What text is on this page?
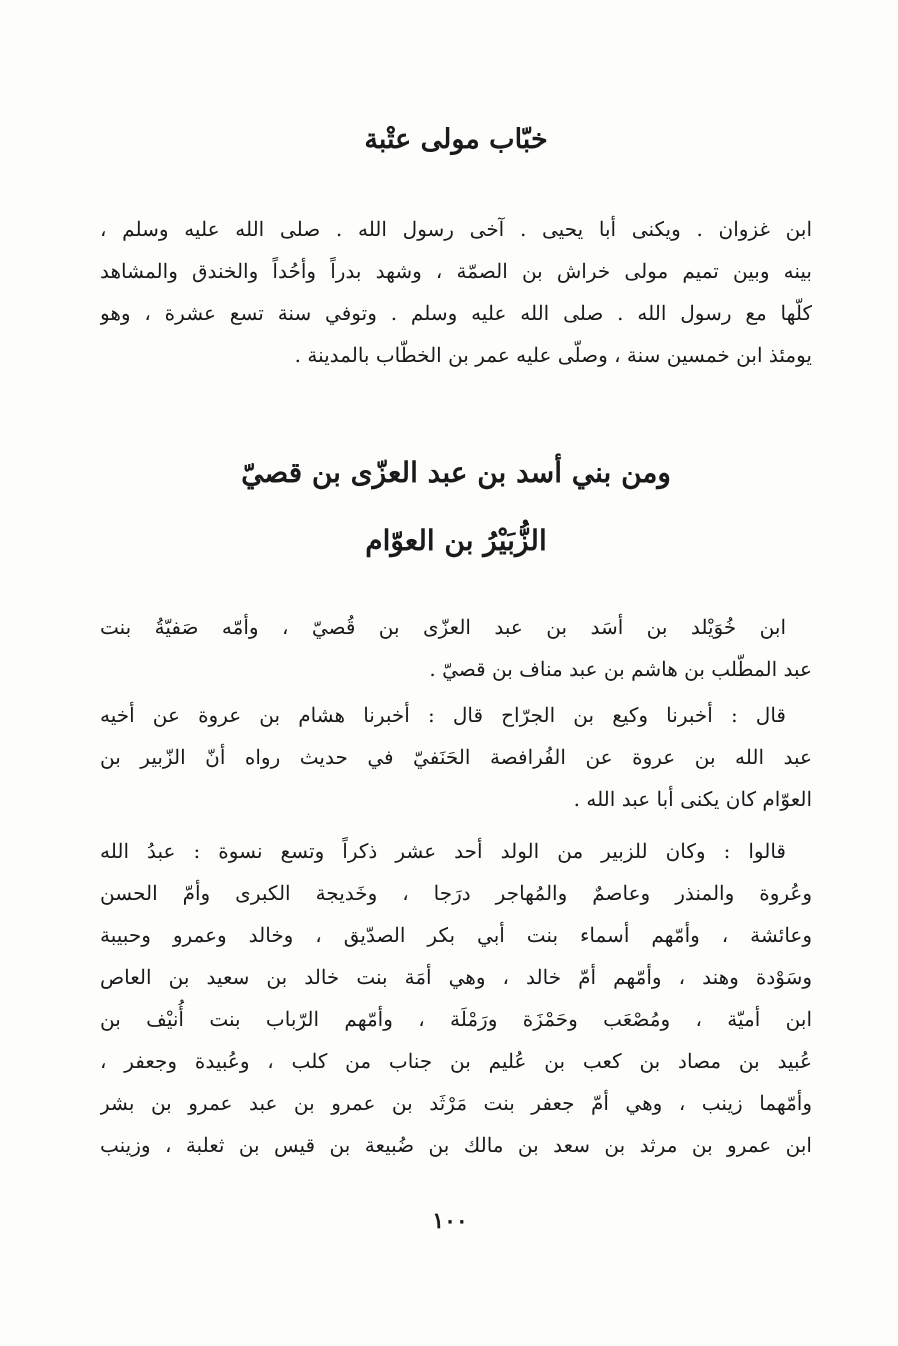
خبّاب مولى عتْبة
ابن غزوان . ويكنى أبا يحيى . آخى رسول الله . صلى الله عليه وسلم ،
بينه وبين تميم مولى خراش بن الصمّة ، وشهد بدراً وأحُداً والخندق والمشاهد
كلّها مع رسول الله . صلى الله عليه وسلم . وتوفي سنة تسع عشرة ، وهو
يومئذ ابن خمسين سنة ، وصلّى عليه عمر بن الخطّاب بالمدينة .
ومن بني أسد بن عبد العزّى بن قصيّ
الزُّبَيْرُ بن العوّام
ابن خُوَيْلد بن أسَد بن عبد العزّى بن قُصيّ ، وأمّه صَفيّةُ بنت
عبد المطّلب بن هاشم بن عبد مناف بن قصيّ .
قال : أخبرنا وكيع بن الجرّاح قال : أخبرنا هشام بن عروة عن أخيه
عبد الله بن عروة عن الفُرافصة الحَنَفيّ في حديث رواه أنّ الزّبير بن
العوّام كان يكنى أبا عبد الله .
قالوا : وكان للزبير من الولد أحد عشر ذكراً وتسع نسوة : عبدُ الله
وعُروة والمنذر وعاصمٌ والمُهاجر درَجا ، وخَديجة الكبرى وأمّ الحسن
وعائشة ، وأمّهم أسماء بنت أبي بكر الصدّيق ، وخالد وعمرو وحبيبة
وسَوْدة وهند ، وأمّهم أمّ خالد ، وهي أمَة بنت خالد بن سعيد بن العاص
ابن أميّة ، ومُصْعَب وحَمْزَة ورَمْلَة ، وأمّهم الرّباب بنت أُنيْف بن
عُبيد بن مصاد بن كعب بن عُليم بن جناب من كلب ، وعُبيدة وجعفر ،
وأمّهما زينب ، وهي أمّ جعفر بنت مَرْثَد بن عمرو بن عبد عمرو بن بشر
ابن عمرو بن مرثد بن سعد بن مالك بن ضُبيعة بن قيس بن ثعلبة ، وزينب
١٠٠
